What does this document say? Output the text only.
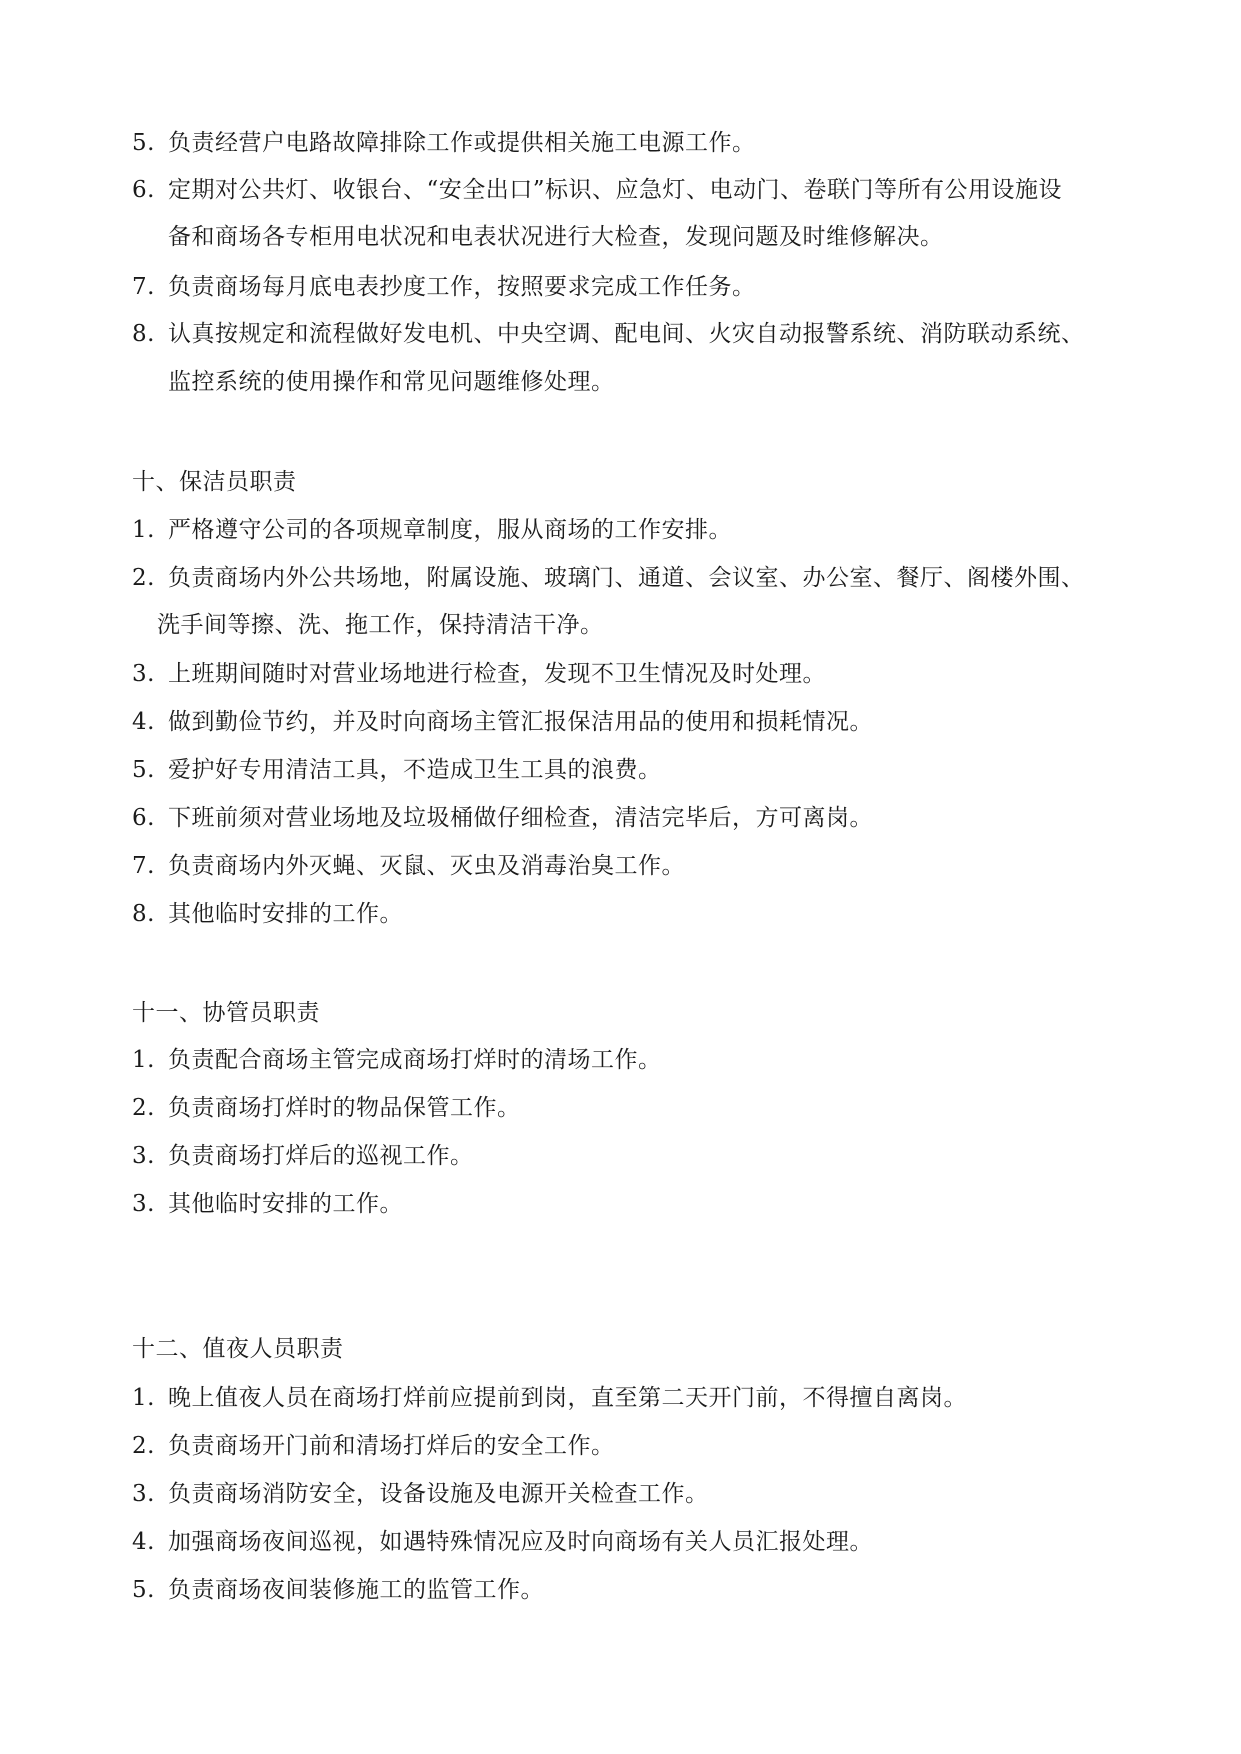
5. 负责经营户电路故障排除工作或提供相关施工电源工作。
6. 定期对公共灯、收银台、“安全出口”标识、应急灯、电动门、卷联门等所有公用设施设
备和商场各专柜用电状况和电表状况进行大检查，发现问题及时维修解决。
7. 负责商场每月底电表抄度工作，按照要求完成工作任务。
8. 认真按规定和流程做好发电机、中央空调、配电间、火灾自动报警系统、消防联动系统、
监控系统的使用操作和常见问题维修处理。
十、保洁员职责
1. 严格遵守公司的各项规章制度，服从商场的工作安排。
2. 负责商场内外公共场地，附属设施、玻璃门、通道、会议室、办公室、餐厅、阁楼外围、
洗手间等擦、洗、拖工作，保持清洁干净。
3. 上班期间随时对营业场地进行检查，发现不卫生情况及时处理。
4. 做到勤俭节约，并及时向商场主管汇报保洁用品的使用和损耗情况。
5. 爱护好专用清洁工具，不造成卫生工具的浪费。
6. 下班前须对营业场地及垃圾桶做仔细检查，清洁完毕后，方可离岗。
7. 负责商场内外灭蝇、灭鼠、灭虫及消毒治臭工作。
8. 其他临时安排的工作。
十一、协管员职责
1. 负责配合商场主管完成商场打烊时的清场工作。
2. 负责商场打烊时的物品保管工作。
3. 负责商场打烊后的巡视工作。
3. 其他临时安排的工作。
十二、值夜人员职责
1. 晚上值夜人员在商场打烊前应提前到岗，直至第二天开门前，不得擅自离岗。
2. 负责商场开门前和清场打烊后的安全工作。
3. 负责商场消防安全，设备设施及电源开关检查工作。
4. 加强商场夜间巡视，如遇特殊情况应及时向商场有关人员汇报处理。
5. 负责商场夜间装修施工的监管工作。
